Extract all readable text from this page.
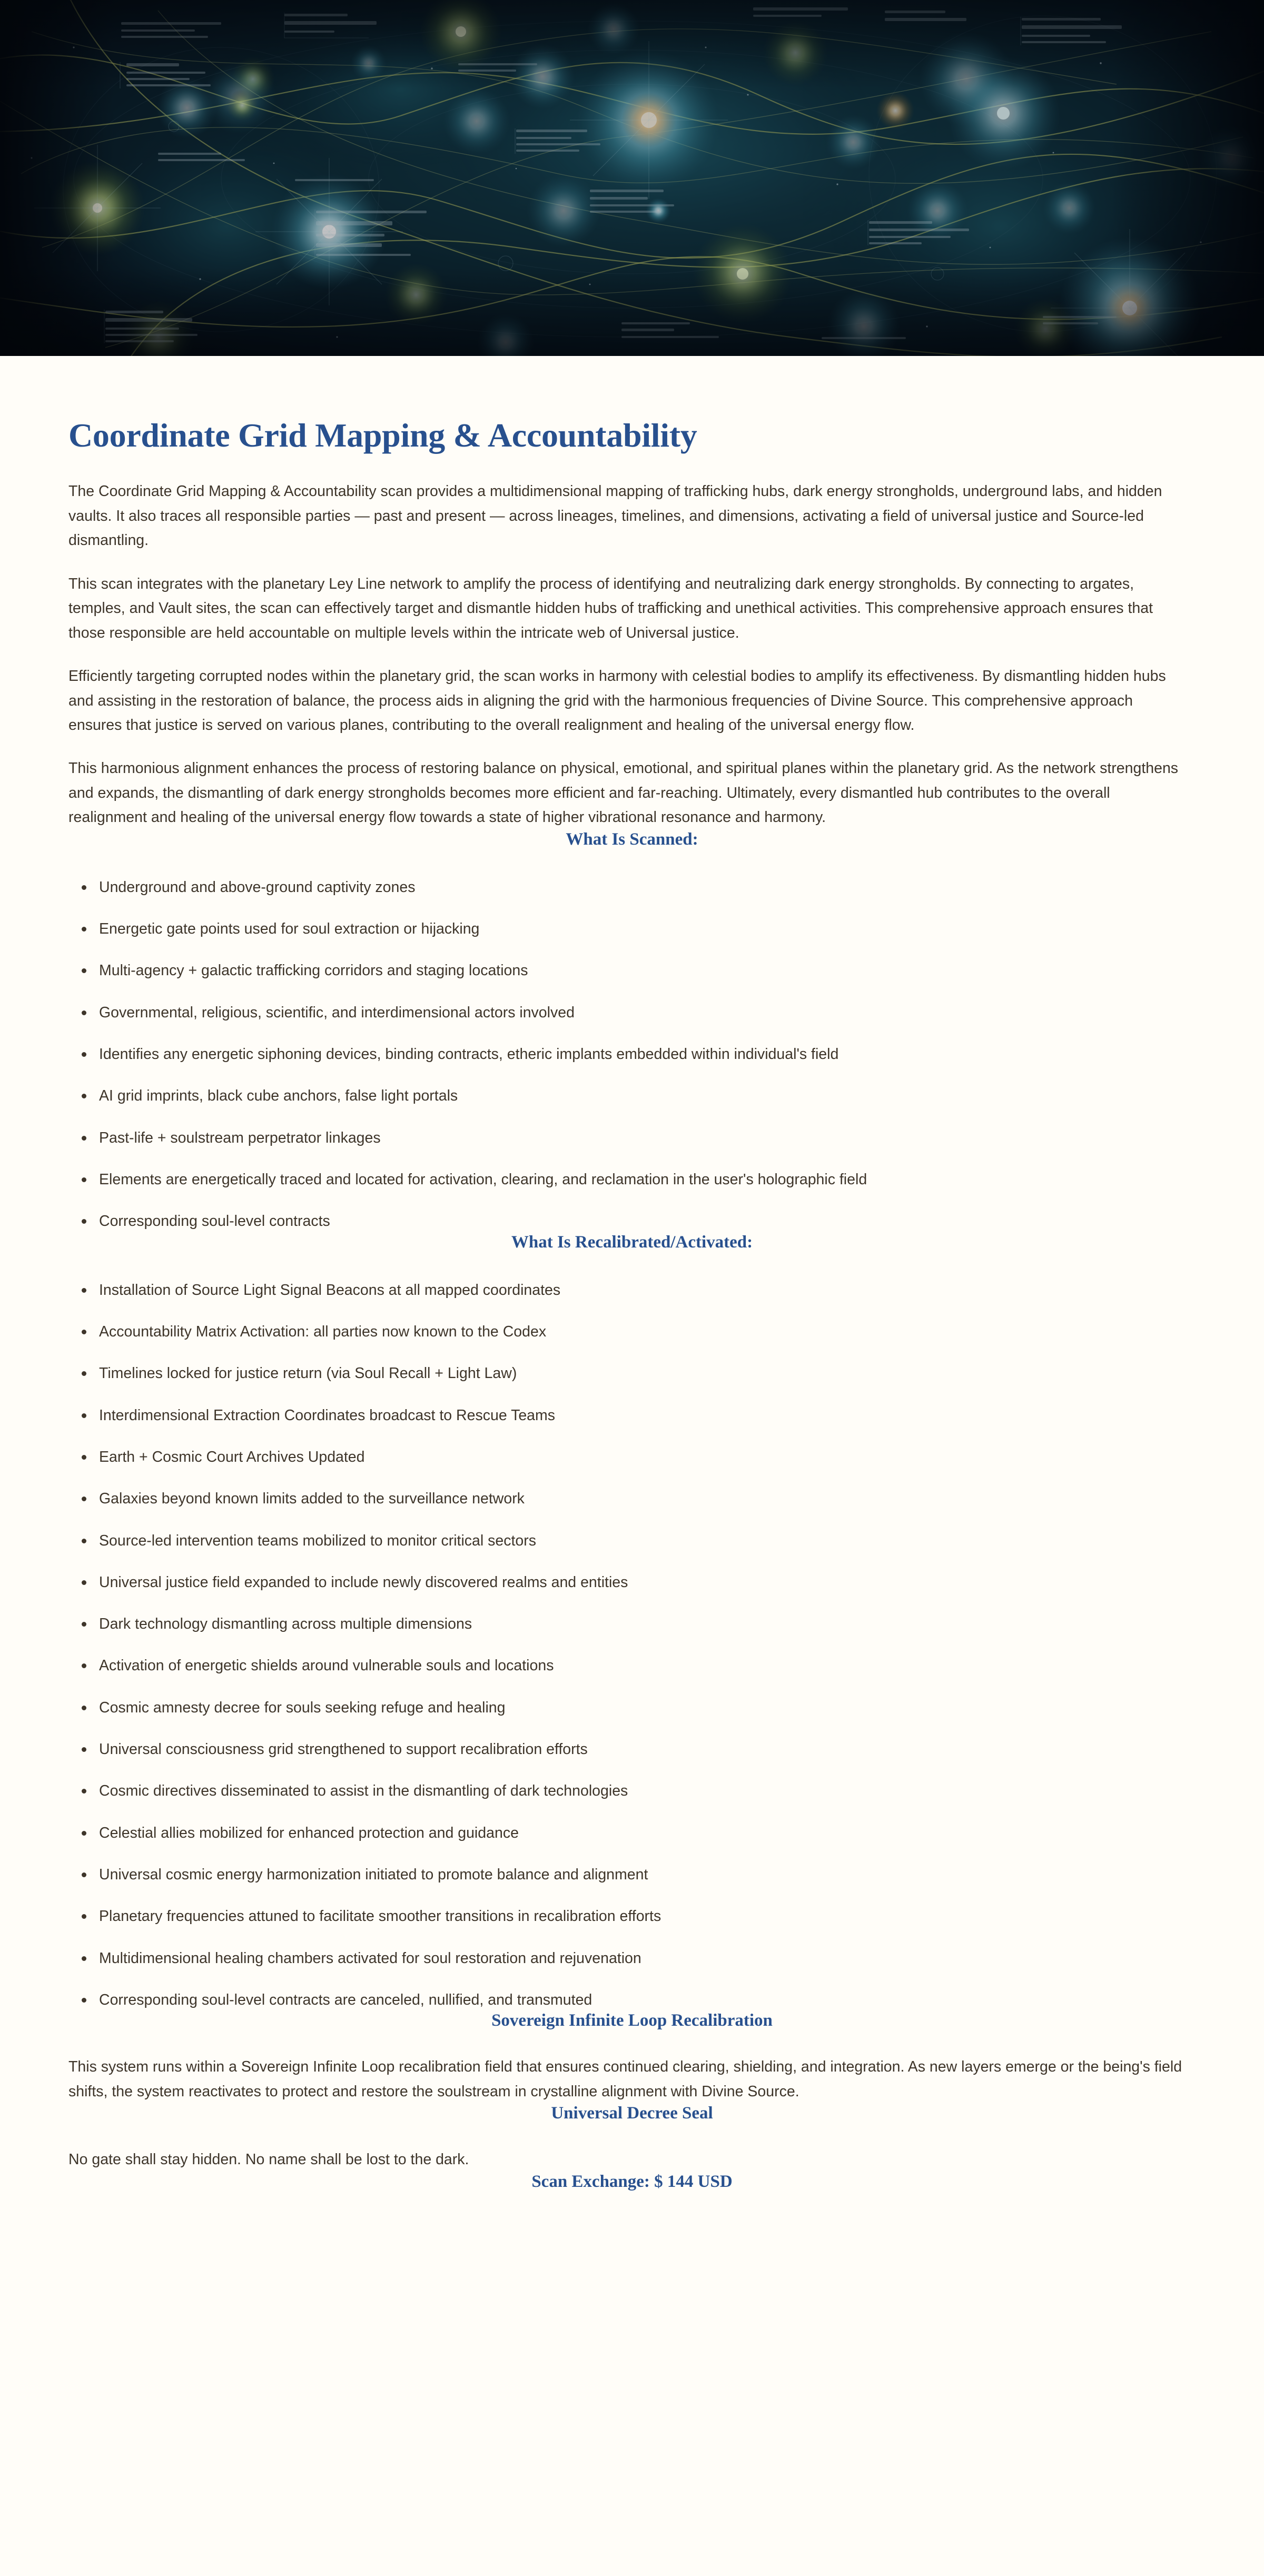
Coordinate Grid Mapping & Accountability

The Coordinate Grid Mapping & Accountability scan provides a multidimensional mapping of trafficking hubs, dark energy strongholds, underground labs, and hidden vaults. It also traces all responsible parties — past and present — across lineages, timelines, and dimensions, activating a field of universal justice and Source-led dismantling.

This scan integrates with the planetary Ley Line network to amplify the process of identifying and neutralizing dark energy strongholds. By connecting to argates, temples, and Vault sites, the scan can effectively target and dismantle hidden hubs of trafficking and unethical activities. This comprehensive approach ensures that those responsible are held accountable on multiple levels within the intricate web of Universal justice.

Efficiently targeting corrupted nodes within the planetary grid, the scan works in harmony with celestial bodies to amplify its effectiveness. By dismantling hidden hubs and assisting in the restoration of balance, the process aids in aligning the grid with the harmonious frequencies of Divine Source. This comprehensive approach ensures that justice is served on various planes, contributing to the overall realignment and healing of the universal energy flow.

This harmonious alignment enhances the process of restoring balance on physical, emotional, and spiritual planes within the planetary grid. As the network strengthens and expands, the dismantling of dark energy strongholds becomes more efficient and far-reaching. Ultimately, every dismantled hub contributes to the overall realignment and healing of the universal energy flow towards a state of higher vibrational resonance and harmony.

What Is Scanned:
Underground and above-ground captivity zones
Energetic gate points used for soul extraction or hijacking
Multi-agency + galactic trafficking corridors and staging locations
Governmental, religious, scientific, and interdimensional actors involved
Identifies any energetic siphoning devices, binding contracts, etheric implants embedded within individual's field
AI grid imprints, black cube anchors, false light portals
Past-life + soulstream perpetrator linkages
Elements are energetically traced and located for activation, clearing, and reclamation in the user's holographic field
Corresponding soul-level contracts
What Is Recalibrated/Activated:
Installation of Source Light Signal Beacons at all mapped coordinates
Accountability Matrix Activation: all parties now known to the Codex
Timelines locked for justice return (via Soul Recall + Light Law)
Interdimensional Extraction Coordinates broadcast to Rescue Teams
Earth + Cosmic Court Archives Updated
Galaxies beyond known limits added to the surveillance network
Source-led intervention teams mobilized to monitor critical sectors
Universal justice field expanded to include newly discovered realms and entities
Dark technology dismantling across multiple dimensions
Activation of energetic shields around vulnerable souls and locations
Cosmic amnesty decree for souls seeking refuge and healing
Universal consciousness grid strengthened to support recalibration efforts
Cosmic directives disseminated to assist in the dismantling of dark technologies
Celestial allies mobilized for enhanced protection and guidance
Universal cosmic energy harmonization initiated to promote balance and alignment
Planetary frequencies attuned to facilitate smoother transitions in recalibration efforts
Multidimensional healing chambers activated for soul restoration and rejuvenation
Corresponding soul-level contracts are canceled, nullified, and transmuted
Sovereign Infinite Loop Recalibration

This system runs within a Sovereign Infinite Loop recalibration field that ensures continued clearing, shielding, and integration. As new layers emerge or the being's field shifts, the system reactivates to protect and restore the soulstream in crystalline alignment with Divine Source.

Universal Decree Seal

No gate shall stay hidden. No name shall be lost to the dark.

Scan Exchange: $ 144 USD
